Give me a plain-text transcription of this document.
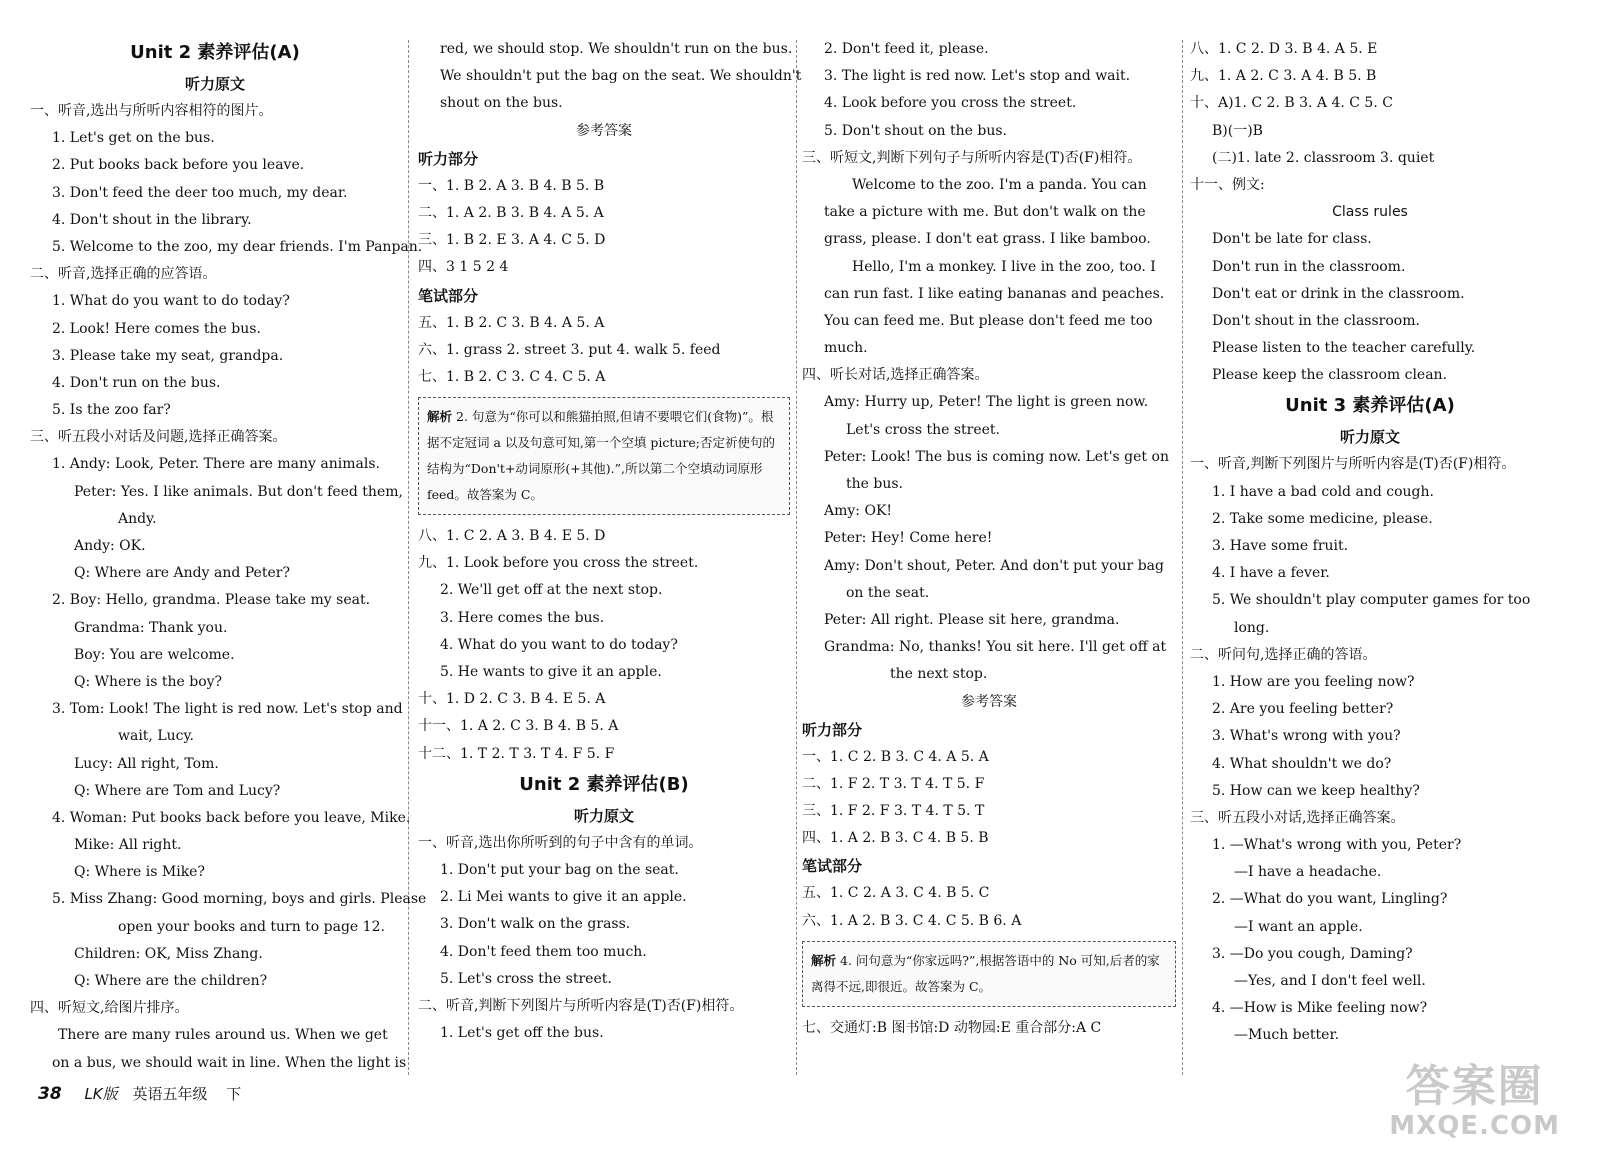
Unit 2 素养评估(A)
听力原文
一、听音,选出与所听内容相符的图片。
1. Let's get on the bus.
2. Put books back before you leave.
3. Don't feed the deer too much, my dear.
4. Don't shout in the library.
5. Welcome to the zoo, my dear friends. I'm Panpan.
二、听音,选择正确的应答语。
1. What do you want to do today?
2. Look! Here comes the bus.
3. Please take my seat, grandpa.
4. Don't run on the bus.
5. Is the zoo far?
三、听五段小对话及问题,选择正确答案。
1. Andy: Look, Peter. There are many animals.
Peter: Yes. I like animals. But don't feed them,
Andy.
Andy: OK.
Q: Where are Andy and Peter?
2. Boy: Hello, grandma. Please take my seat.
Grandma: Thank you.
Boy: You are welcome.
Q: Where is the boy?
3. Tom: Look! The light is red now. Let's stop and
wait, Lucy.
Lucy: All right, Tom.
Q: Where are Tom and Lucy?
4. Woman: Put books back before you leave, Mike.
Mike: All right.
Q: Where is Mike?
5. Miss Zhang: Good morning, boys and girls. Please
open your books and turn to page 12.
Children: OK, Miss Zhang.
Q: Where are the children?
四、听短文,给图片排序。
There are many rules around us. When we get
on a bus, we should wait in line. When the light is
red, we should stop. We shouldn't run on the bus.
We shouldn't put the bag on the seat. We shouldn't
shout on the bus.
参考答案
听力部分
一、1. B 2. A 3. B 4. B 5. B
二、1. A 2. B 3. B 4. A 5. A
三、1. B 2. E 3. A 4. C 5. D
四、3 1 5 2 4
笔试部分
五、1. B 2. C 3. B 4. A 5. A
六、1. grass 2. street 3. put 4. walk 5. feed
七、1. B 2. C 3. C 4. C 5. A
解析 2. 句意为“你可以和熊猫拍照,但请不要喂它们(食物)”。根据不定冠词 a 以及句意可知,第一个空填 picture;否定祈使句的结构为“Don't+动词原形(+其他).”,所以第二个空填动词原形 feed。故答案为 C。
八、1. C 2. A 3. B 4. E 5. D
九、1. Look before you cross the street.
2. We'll get off at the next stop.
3. Here comes the bus.
4. What do you want to do today?
5. He wants to give it an apple.
十、1. D 2. C 3. B 4. E 5. A
十一、1. A 2. C 3. B 4. B 5. A
十二、1. T 2. T 3. T 4. F 5. F
Unit 2 素养评估(B)
听力原文
一、听音,选出你所听到的句子中含有的单词。
1. Don't put your bag on the seat.
2. Li Mei wants to give it an apple.
3. Don't walk on the grass.
4. Don't feed them too much.
5. Let's cross the street.
二、听音,判断下列图片与所听内容是(T)否(F)相符。
1. Let's get off the bus.
2. Don't feed it, please.
3. The light is red now. Let's stop and wait.
4. Look before you cross the street.
5. Don't shout on the bus.
三、听短文,判断下列句子与所听内容是(T)否(F)相符。
Welcome to the zoo. I'm a panda. You can
take a picture with me. But don't walk on the
grass, please. I don't eat grass. I like bamboo.
Hello, I'm a monkey. I live in the zoo, too. I
can run fast. I like eating bananas and peaches.
You can feed me. But please don't feed me too
much.
四、听长对话,选择正确答案。
Amy: Hurry up, Peter! The light is green now.
Let's cross the street.
Peter: Look! The bus is coming now. Let's get on
the bus.
Amy: OK!
Peter: Hey! Come here!
Amy: Don't shout, Peter. And don't put your bag
on the seat.
Peter: All right. Please sit here, grandma.
Grandma: No, thanks! You sit here. I'll get off at
the next stop.
参考答案
听力部分
一、1. C 2. B 3. C 4. A 5. A
二、1. F 2. T 3. T 4. T 5. F
三、1. F 2. F 3. T 4. T 5. T
四、1. A 2. B 3. C 4. B 5. B
笔试部分
五、1. C 2. A 3. C 4. B 5. C
六、1. A 2. B 3. C 4. C 5. B 6. A
解析 4. 问句意为“你家远吗?”,根据答语中的 No 可知,后者的家离得不远,即很近。故答案为 C。
七、交通灯:B 图书馆:D 动物园:E 重合部分:A C
八、1. C 2. D 3. B 4. A 5. E
九、1. A 2. C 3. A 4. B 5. B
十、A)1. C 2. B 3. A 4. C 5. C
B)(一)B
(二)1. late 2. classroom 3. quiet
十一、例文:
Class rules
Don't be late for class.
Don't run in the classroom.
Don't eat or drink in the classroom.
Don't shout in the classroom.
Please listen to the teacher carefully.
Please keep the classroom clean.
Unit 3 素养评估(A)
听力原文
一、听音,判断下列图片与所听内容是(T)否(F)相符。
1. I have a bad cold and cough.
2. Take some medicine, please.
3. Have some fruit.
4. I have a fever.
5. We shouldn't play computer games for too
long.
二、听问句,选择正确的答语。
1. How are you feeling now?
2. Are you feeling better?
3. What's wrong with you?
4. What shouldn't we do?
5. How can we keep healthy?
三、听五段小对话,选择正确答案。
1. —What's wrong with you, Peter?
—I have a headache.
2. —What do you want, Lingling?
—I want an apple.
3. —Do you cough, Daming?
—Yes, and I don't feel well.
4. —How is Mike feeling now?
—Much better.
38 LK版 英语五年级 下	答案圈
MXQE.COM
